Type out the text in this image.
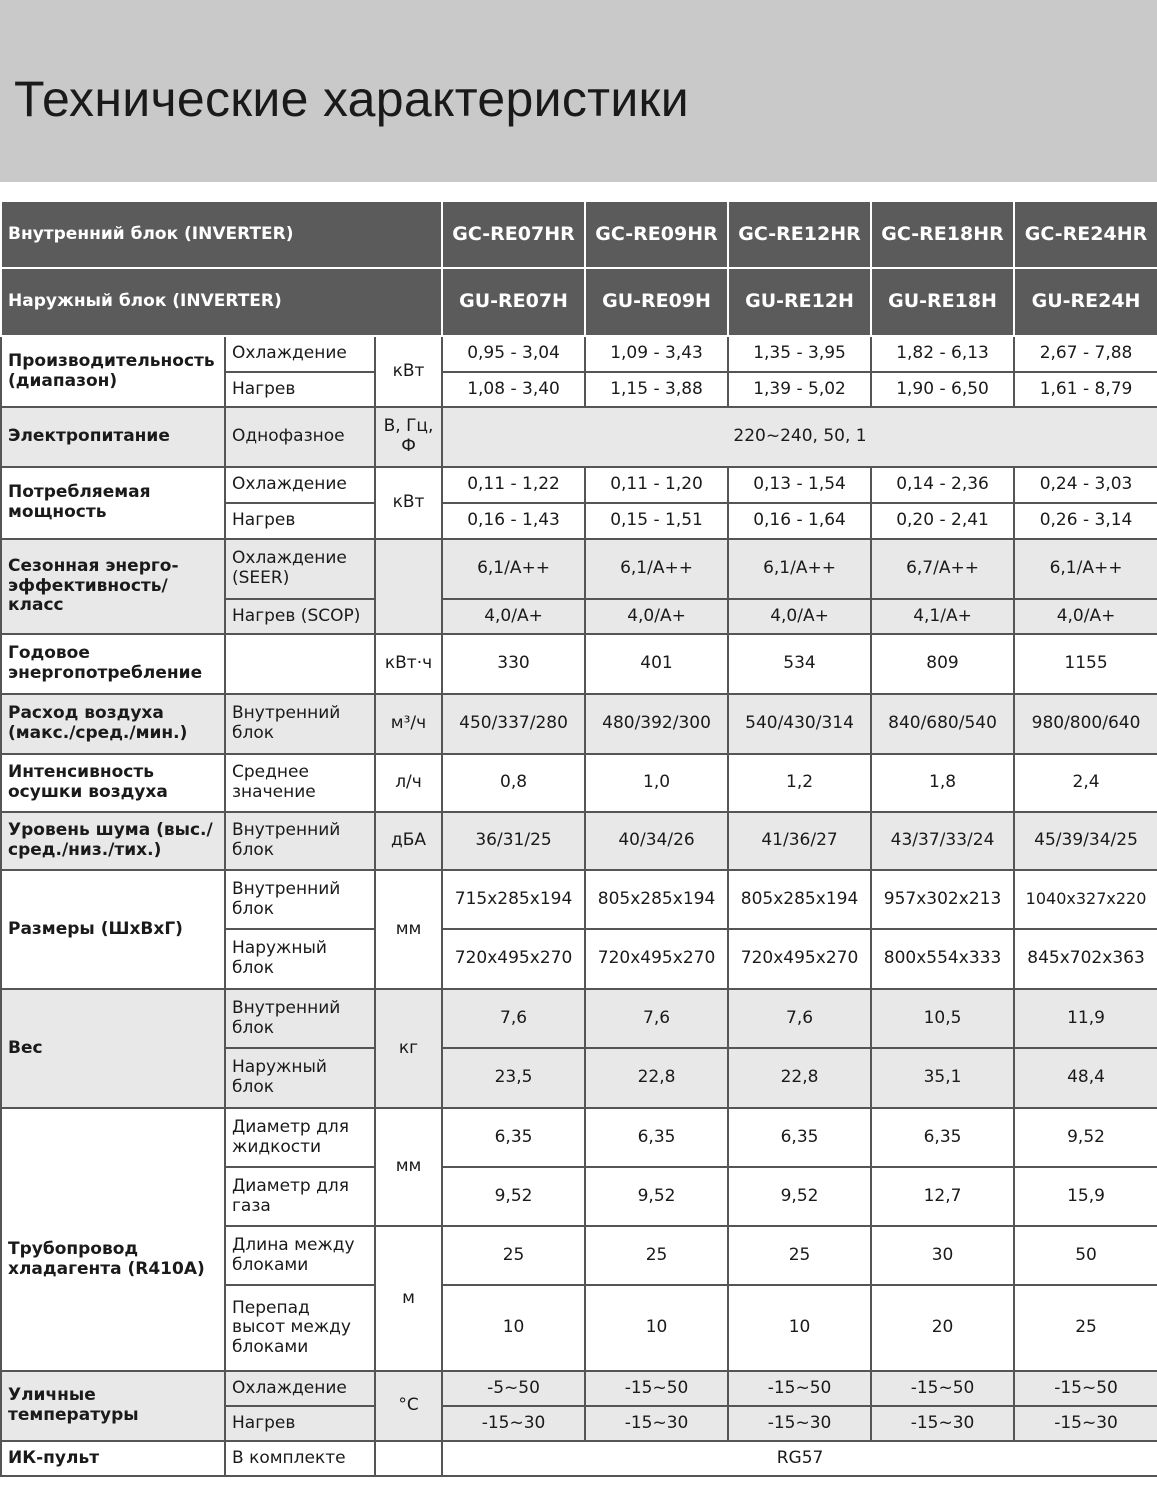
Технические характеристики
Внутренний блок (INVERTER)			GC-RE07HR	GC-RE09HR	GC-RE12HR	GC-RE18HR	GC-RE24HR
Наружный блок (INVERTER)			GU-RE07H	GU-RE09H	GU-RE12H	GU-RE18H	GU-RE24H
Производительность (диапазон)	Охлаждение	кВт	0,95 - 3,04	1,09 - 3,43	1,35 - 3,95	1,82 - 6,13	2,67 - 7,88
	Нагрев		1,08 - 3,40	1,15 - 3,88	1,39 - 5,02	1,90 - 6,50	1,61 - 8,79
Электропитание	Однофазное	В, Гц, Ф	220~240, 50, 1				
Потребляемая мощность	Охлаждение	кВт	0,11 - 1,22	0,11 - 1,20	0,13 - 1,54	0,14 - 2,36	0,24 - 3,03
	Нагрев		0,16 - 1,43	0,15 - 1,51	0,16 - 1,64	0,20 - 2,41	0,26 - 3,14
Сезонная энерго-эффективность/класс	Охлаждение (SEER)		6,1/A++	6,1/A++	6,1/A++	6,7/A++	6,1/A++
	Нагрев (SCOP)		4,0/A+	4,0/A+	4,0/A+	4,1/A+	4,0/A+
Годовое энергопотребление		кВт·ч	330	401	534	809	1155
Расход воздуха (макс./сред./мин.)	Внутренний блок	м³/ч	450/337/280	480/392/300	540/430/314	840/680/540	980/800/640
Интенсивность осушки воздуха	Среднее значение	л/ч	0,8	1,0	1,2	1,8	2,4
Уровень шума (выс./сред./низ./тих.)	Внутренний блок	дБА	36/31/25	40/34/26	41/36/27	43/37/33/24	45/39/34/25
Размеры (ШхВхГ)	Внутренний блок	мм	715x285x194	805x285x194	805x285x194	957x302x213	1040x327x220
	Наружный блок		720x495x270	720x495x270	720x495x270	800x554x333	845x702x363
Вес	Внутренний блок	кг	7,6	7,6	7,6	10,5	11,9
	Наружный блок		23,5	22,8	22,8	35,1	48,4
Трубопровод хладагента (R410A)	Диаметр для жидкости	мм	6,35	6,35	6,35	6,35	9,52
	Диаметр для газа		9,52	9,52	9,52	12,7	15,9
	Длина между блоками	м	25	25	25	30	50
	Перепад высот между блоками		10	10	10	20	25
Уличные температуры	Охлаждение	°C	-5~50	-15~50	-15~50	-15~50	-15~50
	Нагрев		-15~30	-15~30	-15~30	-15~30	-15~30
ИК-пульт	В комплекте		RG57				
